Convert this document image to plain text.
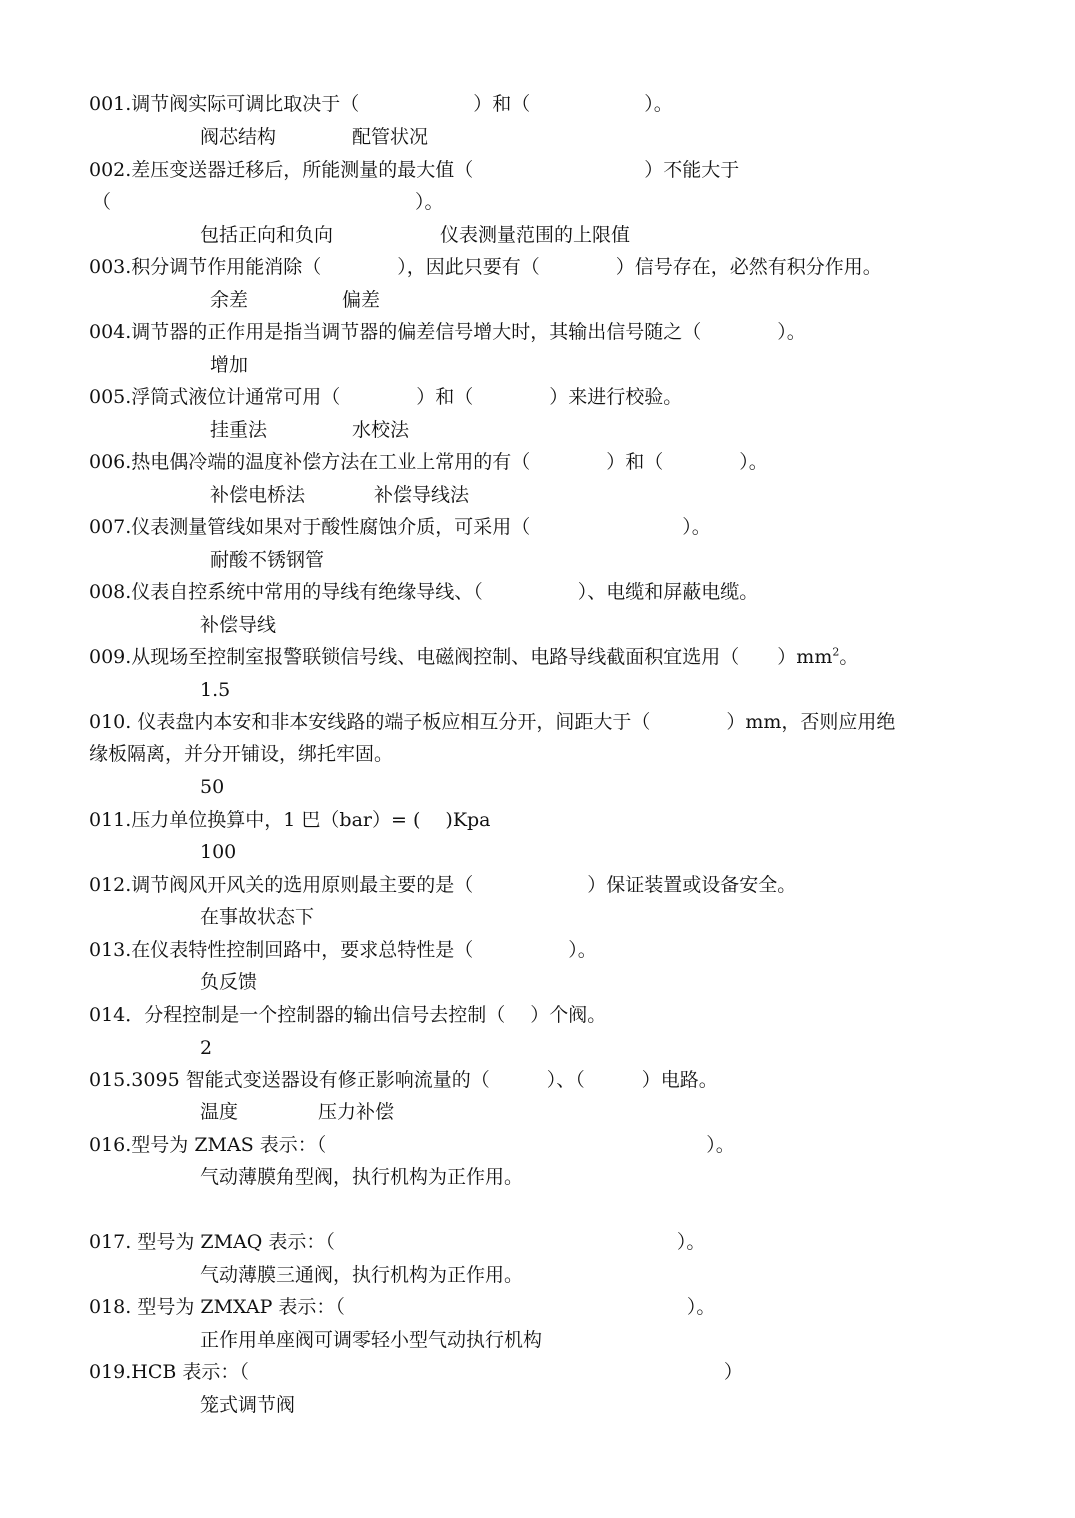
001.调节阀实际可调比取决于（　　　　　　）和（　　　　　　）。
阀芯结构	配管状况
002.差压变送器迁移后，所能测量的最大值（　　　　　　　　　）不能大于
（　　　　　　　　　　　　　　　　）。
包括正向和负向	仪表测量范围的上限值
003.积分调节作用能消除（　　　　），因此只要有（　　　　）信号存在，必然有积分作用。
余差	偏差
004.调节器的正作用是指当调节器的偏差信号增大时，其输出信号随之（　　　　）。
增加
005.浮筒式液位计通常可用（　　　　）和（　　　　）来进行校验。
挂重法	水校法
006.热电偶冷端的温度补偿方法在工业上常用的有（　　　　）和（　　　　）。
补偿电桥法	补偿导线法
007.仪表测量管线如果对于酸性腐蚀介质，可采用（　　　　　　　　）。
耐酸不锈钢管
008.仪表自控系统中常用的导线有绝缘导线、（　　　　　）、电缆和屏蔽电缆。
补偿导线
009.从现场至控制室报警联锁信号线、电磁阀控制、电路导线截面积宜选用（　　）$mm^2$。
1.5
010. 仪表盘内本安和非本安线路的端子板应相互分开，间距大于（　　　　）mm，否则应用绝
缘板隔离，并分开铺设，绑托牢固。
50
011.压力单位换算中，1 巴（bar）= (　 )Kpa
100
012.调节阀风开风关的选用原则最主要的是（　　　　　　）保证装置或设备安全。
在事故状态下
013.在仪表特性控制回路中，要求总特性是（　　　　　）。
负反馈
014．分程控制是一个控制器的输出信号去控制（　 ）个阀。
2
015.3095 智能式变送器设有修正影响流量的（　　　）、（　　　）电路。
温度	压力补偿
016.型号为 ZMAS 表示：（　　　　　　　　　　　　　　　　　　　　）。
气动薄膜角型阀，执行机构为正作用。
017. 型号为 ZMAQ 表示：（　　　　　　　　　　　　　　　　　　）。
气动薄膜三通阀，执行机构为正作用。
018. 型号为 ZMXAP 表示：（　　　　　　　　　　　　　　　　　　）。
正作用单座阀可调零轻小型气动执行机构
019.HCB 表示：（　　　　　　　　　　　　　　　　　　　　　　　　　）
笼式调节阀
